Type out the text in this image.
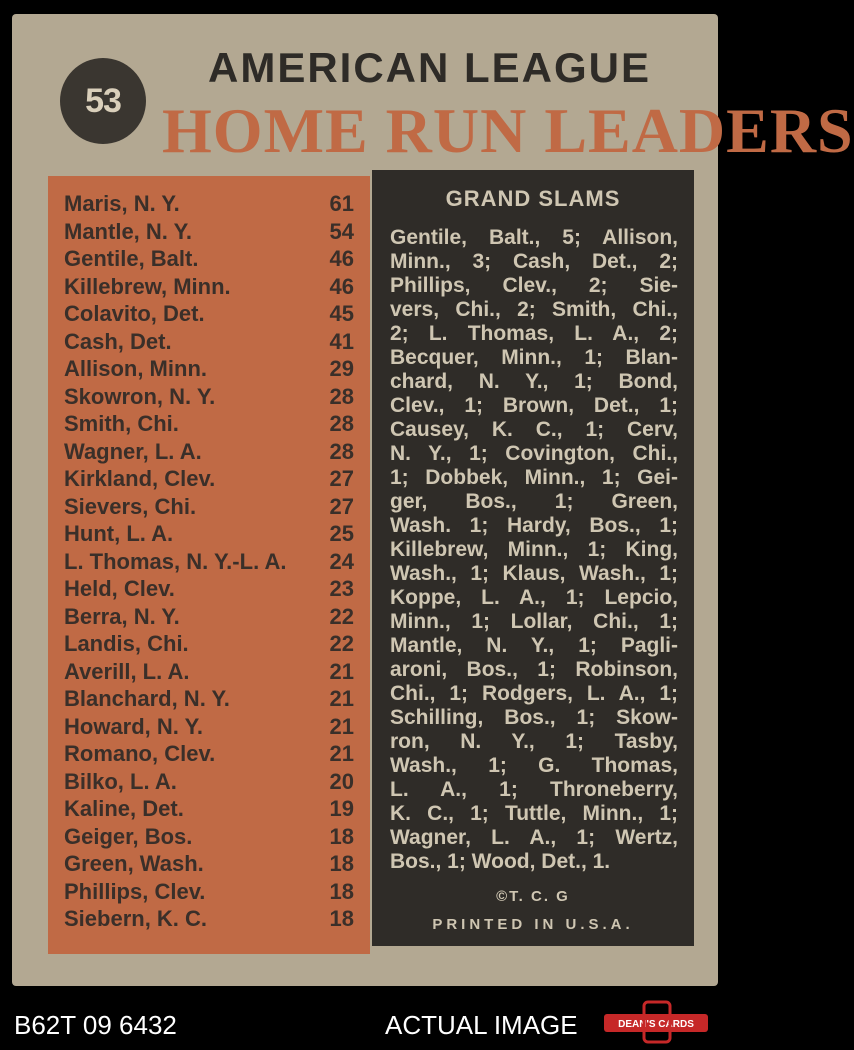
53
AMERICAN LEAGUE
HOME RUN LEADERS
Maris, N. Y.	61
Mantle, N. Y.	54
Gentile, Balt.	46
Killebrew, Minn.	46
Colavito, Det.	45
Cash, Det.	41
Allison, Minn.	29
Skowron, N. Y.	28
Smith, Chi.	28
Wagner, L. A.	28
Kirkland, Clev.	27
Sievers, Chi.	27
Hunt, L. A.	25
L. Thomas, N. Y.-L. A. 24
Held, Clev.	23
Berra, N. Y.	22
Landis, Chi.	22
Averill, L. A.	21
Blanchard, N. Y.	21
Howard, N. Y.	21
Romano, Clev.	21
Bilko, L. A.	20
Kaline, Det.	19
Geiger, Bos.	18
Green, Wash.	18
Phillips, Clev.	18
Siebern, K. C.	18
GRAND SLAMS
©T. C. G
PRINTED IN U.S.A.
Gentile, Balt., 5; Allison,
Minn., 3; Cash, Det., 2;
Phillips, Clev., 2; Sie-
vers, Chi., 2; Smith, Chi.,
2; L. Thomas, L. A., 2;
Becquer, Minn., 1; Blan-
chard, N. Y., 1; Bond,
Clev., 1; Brown, Det., 1;
Causey, K. C., 1; Cerv,
N. Y., 1; Covington, Chi.,
1; Dobbek, Minn., 1; Gei-
ger, Bos., 1; Green,
Wash. 1; Hardy, Bos., 1;
Killebrew, Minn., 1; King,
Wash., 1; Klaus, Wash., 1;
Koppe, L. A., 1; Lepcio,
Minn., 1; Lollar, Chi., 1;
Mantle, N. Y., 1; Pagli-
aroni, Bos., 1; Robinson,
Chi., 1; Rodgers, L. A., 1;
Schilling, Bos., 1; Skow-
ron, N. Y., 1; Tasby,
Wash., 1; G. Thomas,
L. A., 1; Throneberry,
K. C., 1; Tuttle, Minn., 1;
Wagner, L. A., 1; Wertz,
Bos., 1; Wood, Det., 1.
B62T 09 6432	ACTUAL IMAGE	DEAN'S CARDS
